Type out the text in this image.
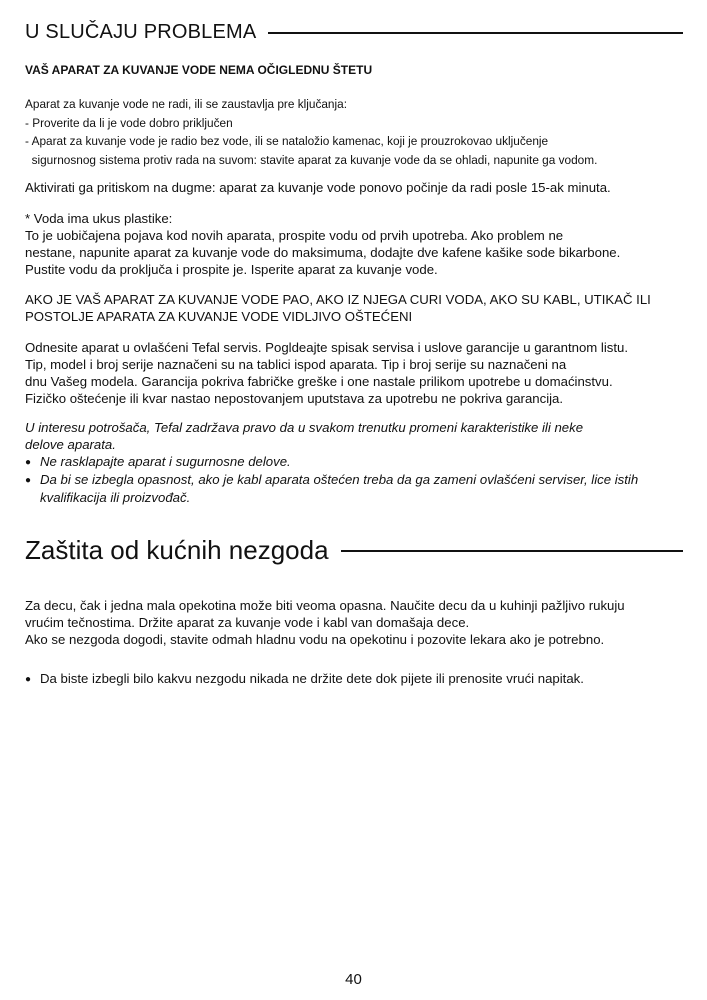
U SLUČAJU PROBLEMA
VAŠ APARAT ZA KUVANJE VODE NEMA OČIGLEDNU ŠTETU
Aparat za kuvanje vode ne radi, ili se zaustavlja pre ključanja:
- Proverite da li je vode dobro priključen
- Aparat za kuvanje vode je radio bez vode, ili se nataložio kamenac, koji je prouzrokovao uključenje
sigurnosnog sistema protiv rada na suvom: stavite aparat za kuvanje vode da se ohladi, napunite ga vodom.
Aktivirati ga pritiskom na dugme: aparat za kuvanje vode ponovo počinje da radi posle 15-ak minuta.
* Voda ima ukus plastike:
To je uobičajena pojava kod novih aparata, prospite vodu od prvih upotreba. Ako problem ne
nestane, napunite aparat za kuvanje vode do maksimuma, dodajte dve kafene kašike sode bikarbone.
Pustite vodu da proključa i prospite je. Isperite aparat za kuvanje vode.
AKO JE VAŠ APARAT ZA KUVANJE VODE PAO, AKO IZ NJEGA CURI VODA, AKO SU KABL, UTIKAČ ILI
POSTOLJE APARATA ZA KUVANJE VODE VIDLJIVO OŠTEĆENI
Odnesite aparat u ovlašćeni Tefal servis. Pogldeajte spisak servisa i uslove garancije u garantnom listu.
Tip, model i broj serije naznačeni su na tablici ispod aparata. Tip i broj serije su naznačeni na
dnu Vašeg modela. Garancija pokriva fabričke greške i one nastale prilikom upotrebe u domaćinstvu.
Fizičko oštećenje ili kvar nastao nepostovanjem uputstava za upotrebu ne pokriva garancija.
U interesu potrošača, Tefal zadržava pravo da u svakom trenutku promeni karakteristike ili neke
delove aparata.
● Ne rasklapajte aparat i sugurnosne delove.
● Da bi se izbegla opasnost, ako je kabl aparata oštećen treba da ga zameni ovlašćeni serviser, lice istih
kvalifikacija ili proizvođač.
Zaštita od kućnih nezgoda
Za decu, čak i jedna mala opekotina može biti veoma opasna. Naučite decu da u kuhinji pažljivo rukuju
vrućim tečnostima. Držite aparat za kuvanje vode i kabl van domašaja dece.
Ako se nezgoda dogodi, stavite odmah hladnu vodu na opekotinu i pozovite lekara ako je potrebno.
● Da biste izbegli bilo kakvu nezgodu nikada ne držite dete dok pijete ili prenosite vrući napitak.
40
